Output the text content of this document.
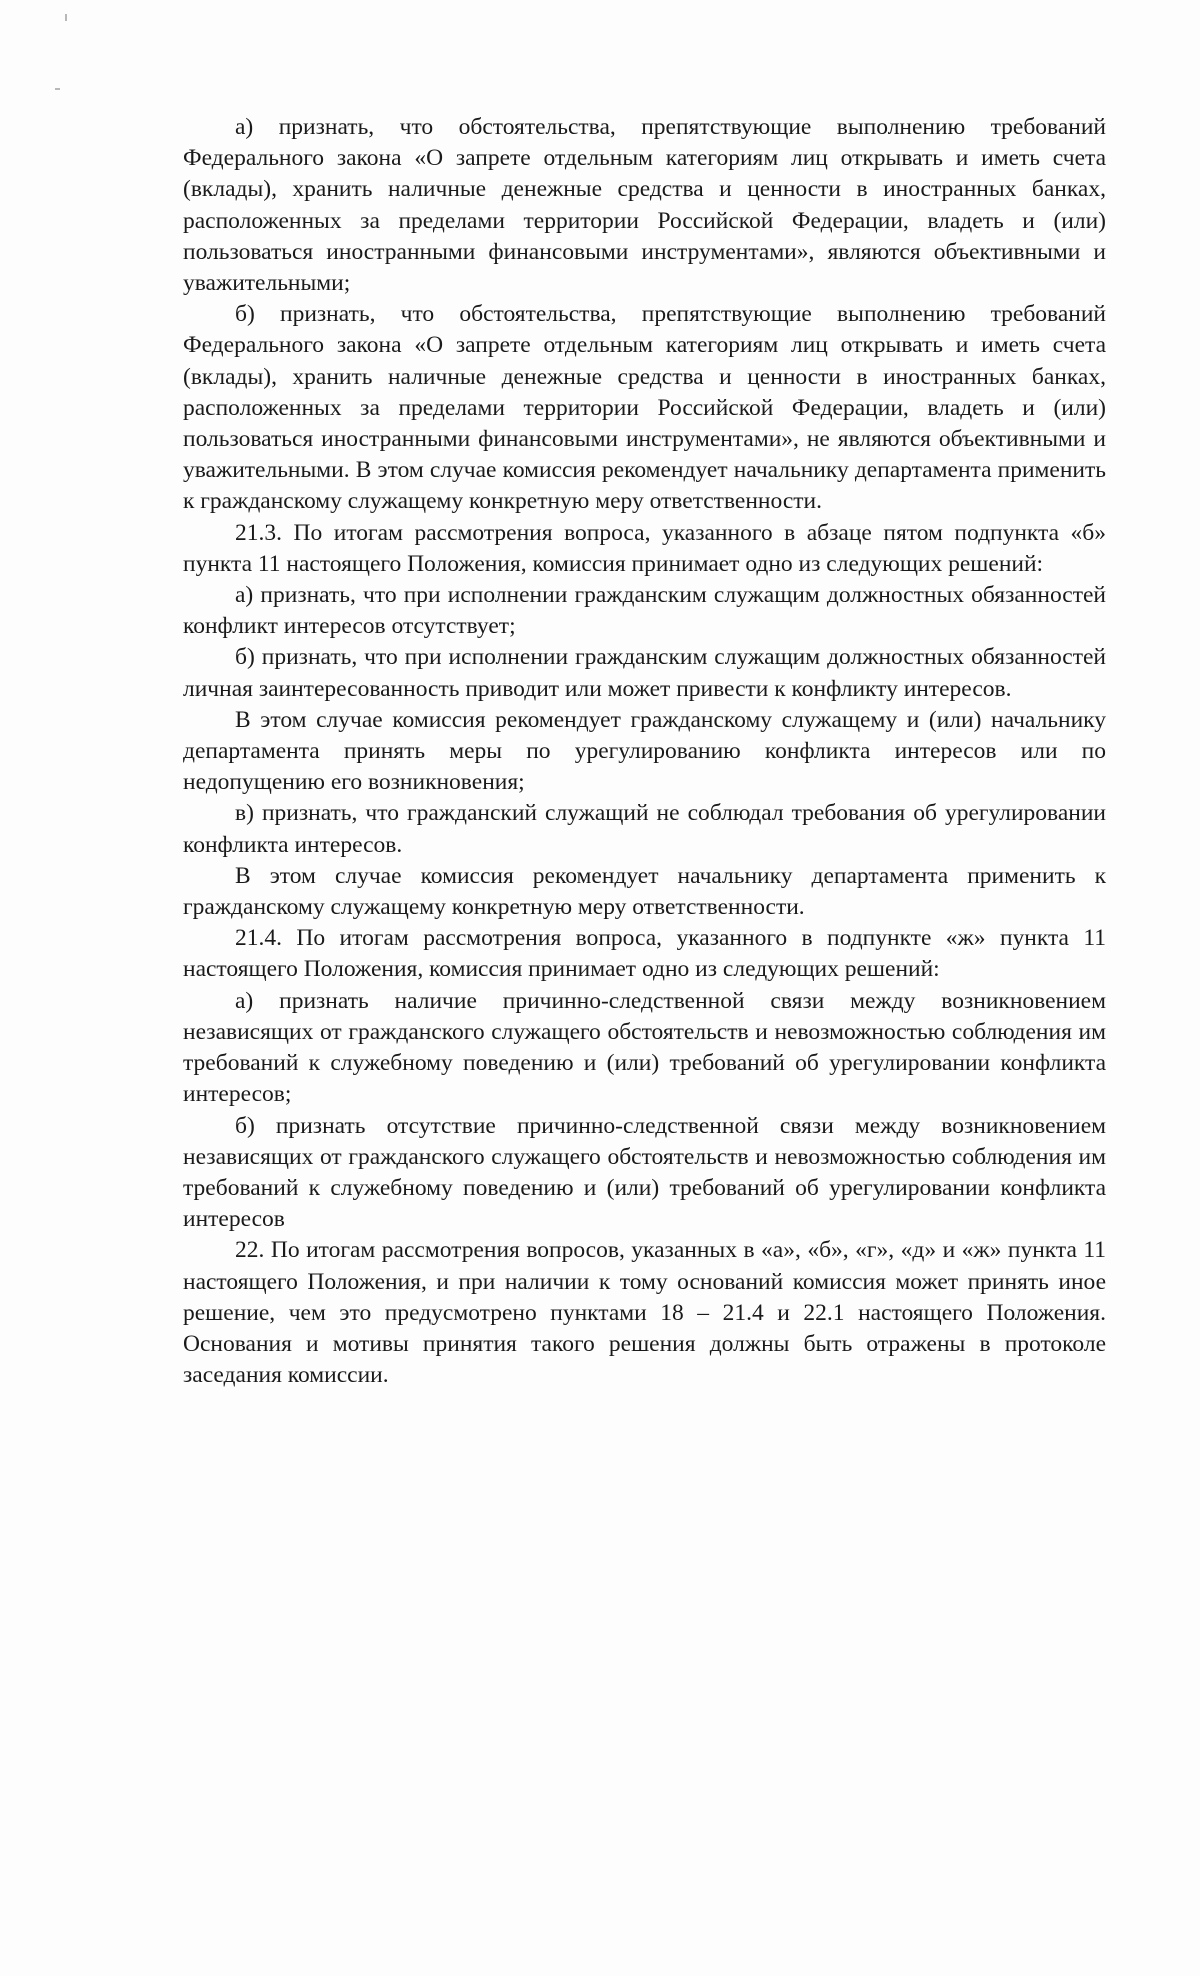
а) признать, что обстоятельства, препятствующие выполнению требований Федерального закона «О запрете отдельным категориям лиц открывать и иметь счета (вклады), хранить наличные денежные средства и ценности в иностранных банках, расположенных за пределами территории Российской Федерации, владеть и (или) пользоваться иностранными финансовыми инструментами», являются объективными и уважительными;

б) признать, что обстоятельства, препятствующие выполнению требований Федерального закона «О запрете отдельным категориям лиц открывать и иметь счета (вклады), хранить наличные денежные средства и ценности в иностранных банках, расположенных за пределами территории Российской Федерации, владеть и (или) пользоваться иностранными финансовыми инструментами», не являются объективными и уважительными. В этом случае комиссия рекомендует начальнику департамента применить к гражданскому служащему конкретную меру ответственности.

21.3. По итогам рассмотрения вопроса, указанного в абзаце пятом подпункта «б» пункта 11 настоящего Положения, комиссия принимает одно из следующих решений:

а) признать, что при исполнении гражданским служащим должностных обязанностей конфликт интересов отсутствует;

б) признать, что при исполнении гражданским служащим должностных обязанностей личная заинтересованность приводит или может привести к конфликту интересов.

В этом случае комиссия рекомендует гражданскому служащему и (или) начальнику департамента принять меры по урегулированию конфликта интересов или по недопущению его возникновения;

в) признать, что гражданский служащий не соблюдал требования об урегулировании конфликта интересов.

В этом случае комиссия рекомендует начальнику департамента применить к гражданскому служащему конкретную меру ответственности.

21.4. По итогам рассмотрения вопроса, указанного в подпункте «ж» пункта 11 настоящего Положения, комиссия принимает одно из следующих решений:

а) признать наличие причинно-следственной связи между возникновением независящих от гражданского служащего обстоятельств и невозможностью соблюдения им требований к служебному поведению и (или) требований об урегулировании конфликта интересов;

б) признать отсутствие причинно-следственной связи между возникновением независящих от гражданского служащего обстоятельств и невозможностью соблюдения им требований к служебному поведению и (или) требований об урегулировании конфликта интересов

22. По итогам рассмотрения вопросов, указанных в «а», «б», «г», «д» и «ж» пункта 11 настоящего Положения, и при наличии к тому оснований комиссия может принять иное решение, чем это предусмотрено пунктами 18 – 21.4 и 22.1 настоящего Положения. Основания и мотивы принятия такого решения должны быть отражены в протоколе заседания комиссии.
